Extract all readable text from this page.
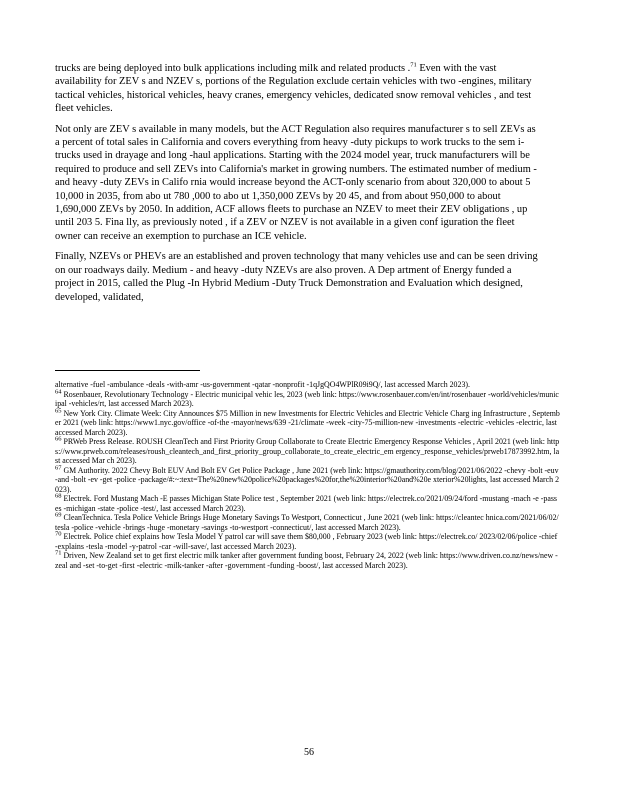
trucks are being deployed into bulk applications including milk and related products .$^{71}$ Even with the vast availability for ZEV s and NZEV s, portions of the Regulation exclude certain vehicles with two -engines, military tactical vehicles, historical vehicles, heavy cranes, emergency vehicles, dedicated snow removal vehicles , and test fleet vehicles.

Not only are ZEV s available in many models, but the ACT Regulation also requires manufacturer s to sell ZEVs as a percent of total sales in California and covers everything from heavy -duty pickups to work trucks to the sem i-trucks used in drayage and long -haul applications. Starting with the 2024 model year, truck manufacturers will be required to produce and sell ZEVs into California's market in growing numbers. The estimated number of medium - and heavy -duty ZEVs in Califo rnia would increase beyond the ACT-only scenario from about 320,000 to about 5 10,000 in 2035, from abo ut 780 ,000 to abo ut 1,350,000 ZEVs by 20 45, and from about 950,000 to about 1,690,000 ZEVs by 2050. In addition, ACF allows fleets to purchase an NZEV to meet their ZEV obligations , up until 203 5. Fina lly, as previously noted , if a ZEV or NZEV is not available in a given conf iguration the fleet owner can receive an exemption to purchase an ICE vehicle.

Finally, NZEVs or PHEVs are an established and proven technology that many vehicles use and can be seen driving on our roadways daily. Medium - and heavy -duty NZEVs are also proven. A Dep artment of Energy funded a project in 2015, called the Plug -In Hybrid Medium -Duty Truck Demonstration and Evaluation which designed, developed, validated,

alternative -fuel -ambulance -deals -with-amr -us-government -qatar -nonprofit -1qJgQO4WPlR09i9Q/, last accessed March 2023).
$^{64}$ Rosenbauer, Revolutionary Technology - Electric municipal vehic les, 2023 (web link: https://www.rosenbauer.com/en/int/rosenbauer -world/vehicles/municipal -vehicles/rt, last accessed March 2023).
$^{65}$ New York City. Climate Week: City Announces $75 Million in new Investments for Electric Vehicles and Electric Vehicle Charg ing Infrastructure , September 2021 (web link: https://www1.nyc.gov/office -of-the -mayor/news/639 -21/climate -week -city-75-million-new -investments -electric -vehicles -electric, last accessed March 2023).
$^{66}$ PRWeb Press Release. ROUSH CleanTech and First Priority Group Collaborate to Create Electric Emergency Response Vehicles , April 2021 (web link: https://www.prweb.com/releases/roush_cleantech_and_first_priority_group_collaborate_to_create_electric_em ergency_response_vehicles/prweb17873992.htm, last accessed Mar ch 2023).
$^{67}$ GM Authority. 2022 Chevy Bolt EUV And Bolt EV Get Police Package , June 2021 (web link: https://gmauthority.com/blog/2021/06/2022 -chevy -bolt -euv -and -bolt -ev -get -police -package/#:~:text=The%20new%20police%20packages%20for,the%20interior%20and%20e xterior%20lights, last accessed March 2023).
$^{68}$ Electrek. Ford Mustang Mach -E passes Michigan State Police test , September 2021 (web link: https://electrek.co/2021/09/24/ford -mustang -mach -e -passes -michigan -state -police -test/, last accessed March 2023).
$^{69}$ CleanTechnica. Tesla Police Vehicle Brings Huge Monetary Savings To Westport, Connecticut , June 2021 (web link: https://cleantec hnica.com/2021/06/02/tesla -police -vehicle -brings -huge -monetary -savings -to-westport -connecticut/, last accessed March 2023).
$^{70}$ Electrek. Police chief explains how Tesla Model Y patrol car will save them $80,000 , February 2023 (web link: https://electrek.co/ 2023/02/06/police -chief -explains -tesla -model -y-patrol -car -will-save/, last accessed March 2023).
$^{71}$ Driven, New Zealand set to get first electric milk tanker after government funding boost, February 24, 2022 (web link: https://www.driven.co.nz/news/new -zeal and -set -to-get -first -electric -milk-tanker -after -government -funding -boost/, last accessed March 2023).
56
